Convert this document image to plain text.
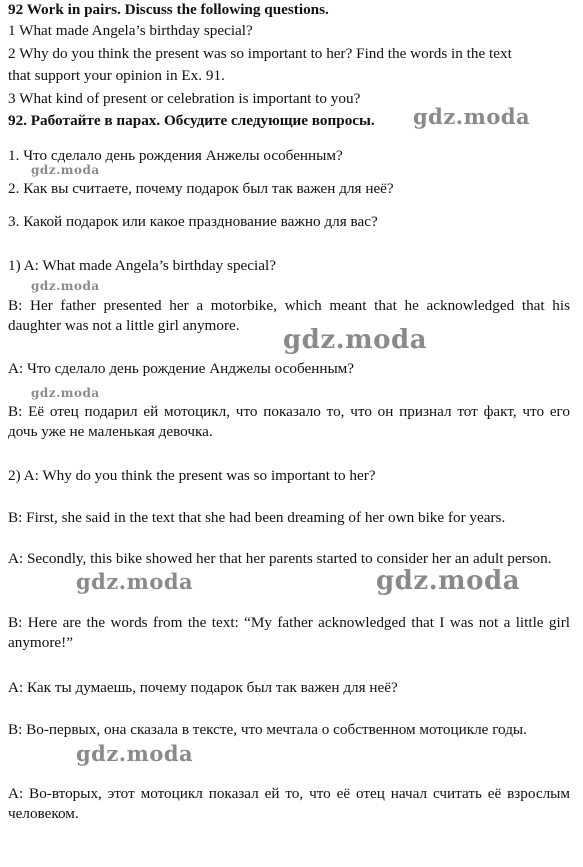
92 Work in pairs. Discuss the following questions.
1 What made Angela’s birthday special?
2 Why do you think the present was so important to her? Find the words in the text
that support your opinion in Ex. 91.
3 What kind of present or celebration is important to you?
92. Работайте в парах. Обсудите следующие вопросы.
1. Что сделало день рождения Анжелы особенным?
2. Как вы считаете, почему подарок был так важен для неё?
3. Какой подарок или какое празднование важно для вас?
1) A: What made Angela’s birthday special?
B: Her father presented her a motorbike, which meant that he acknowledged that his daughter was not a little girl anymore.
А: Что сделало день рождение Анджелы особенным?
В: Её отец подарил ей мотоцикл, что показало то, что он признал тот факт, что его дочь уже не маленькая девочка.
2) A: Why do you think the present was so important to her?
B: First, she said in the text that she had been dreaming of her own bike for years.
A: Secondly, this bike showed her that her parents started to consider her an adult person.
B: Here are the words from the text: “My father acknowledged that I was not a little girl anymore!”
А: Как ты думаешь, почему подарок был так важен для неё?
В: Во-первых, она сказала в тексте, что мечтала о собственном мотоцикле годы.
А: Во-вторых, этот мотоцикл показал ей то, что её отец начал считать её взрослым человеком.
gdz.moda
gdz.moda
gdz.moda
gdz.moda
gdz.moda
gdz.moda	gdz.moda
gdz.moda
